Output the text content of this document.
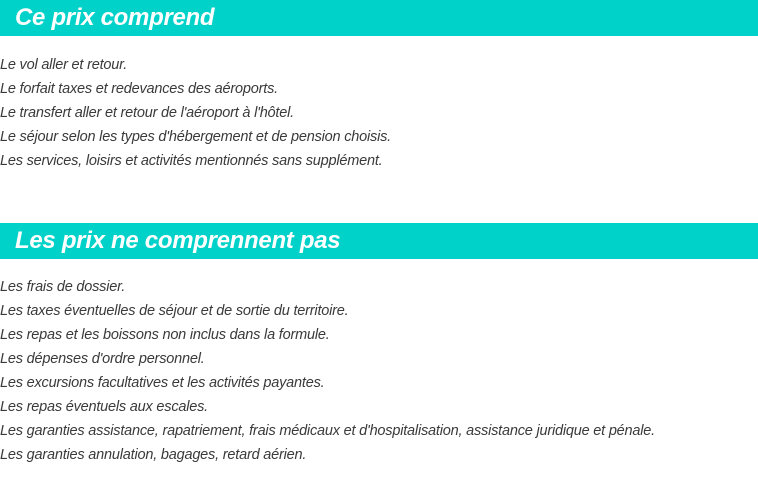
Ce prix comprend
Le vol aller et retour.
Le forfait taxes et redevances des aéroports.
Le transfert aller et retour de l'aéroport à l'hôtel.
Le séjour selon les types d'hébergement et de pension choisis.
Les services, loisirs et activités mentionnés sans supplément.
Les prix ne comprennent pas
Les frais de dossier.
Les taxes éventuelles de séjour et de sortie du territoire.
Les repas et les boissons non inclus dans la formule.
Les dépenses d'ordre personnel.
Les excursions facultatives et les activités payantes.
Les repas éventuels aux escales.
Les garanties assistance, rapatriement, frais médicaux et d'hospitalisation, assistance juridique et pénale.
Les garanties annulation, bagages, retard aérien.
